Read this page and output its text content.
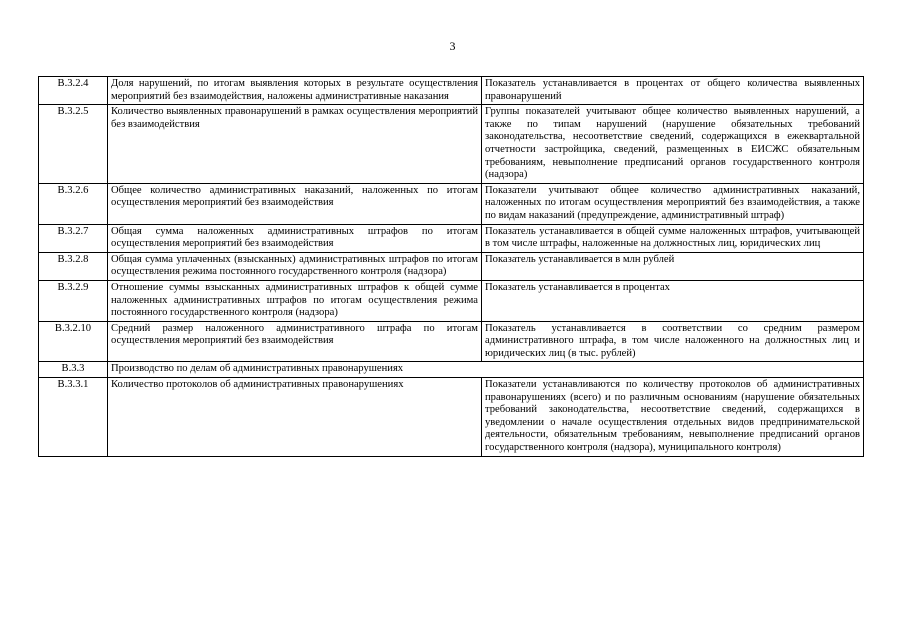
3
В.3.2.4	Доля нарушений, по итогам выявления которых в результате осуществления мероприятий без взаимодействия, наложены административные наказания	Показатель устанавливается в процентах от общего количества выявленных правонарушений
В.3.2.5	Количество выявленных правонарушений в рамках осуществления мероприятий без взаимодействия	Группы показателей учитывают общее количество выявленных нарушений, а также по типам нарушений (нарушение обязательных требований законодательства, несоответствие сведений, содержащихся в ежеквартальной отчетности застройщика, сведений, размещенных в ЕИСЖС обязательным требованиям, невыполнение предписаний органов государственного контроля (надзора)
В.3.2.6	Общее количество административных наказаний, наложенных по итогам осуществления мероприятий без взаимодействия	Показатели учитывают общее количество административных наказаний, наложенных по итогам осуществления мероприятий без взаимодействия, а также по видам наказаний (предупреждение, административный штраф)
В.3.2.7	Общая сумма наложенных административных штрафов по итогам осуществления мероприятий без взаимодействия	Показатель устанавливается в общей сумме наложенных штрафов, учитывающей в том числе штрафы, наложенные на должностных лиц, юридических лиц
В.3.2.8	Общая сумма уплаченных (взысканных) административных штрафов по итогам осуществления режима постоянного государственного контроля (надзора)	Показатель устанавливается в млн рублей
В.3.2.9	Отношение суммы взысканных административных штрафов к общей сумме наложенных административных штрафов по итогам осуществления режима постоянного государственного контроля (надзора)	Показатель устанавливается в процентах
В.3.2.10	Средний размер наложенного административного штрафа по итогам осуществления мероприятий без взаимодействия	Показатель устанавливается в соответствии со средним размером административного штрафа, в том числе наложенного на должностных лиц и юридических лиц (в тыс. рублей)
В.3.3	Производство по делам об административных правонарушениях	
В.3.3.1	Количество протоколов об административных правонарушениях	Показатели устанавливаются по количеству протоколов об административных правонарушениях (всего) и по различным основаниям (нарушение обязательных требований законодательства, несоответствие сведений, содержащихся в уведомлении о начале осуществления отдельных видов предпринимательской деятельности, обязательным требованиям, невыполнение предписаний органов государственного контроля (надзора), муниципального контроля)
